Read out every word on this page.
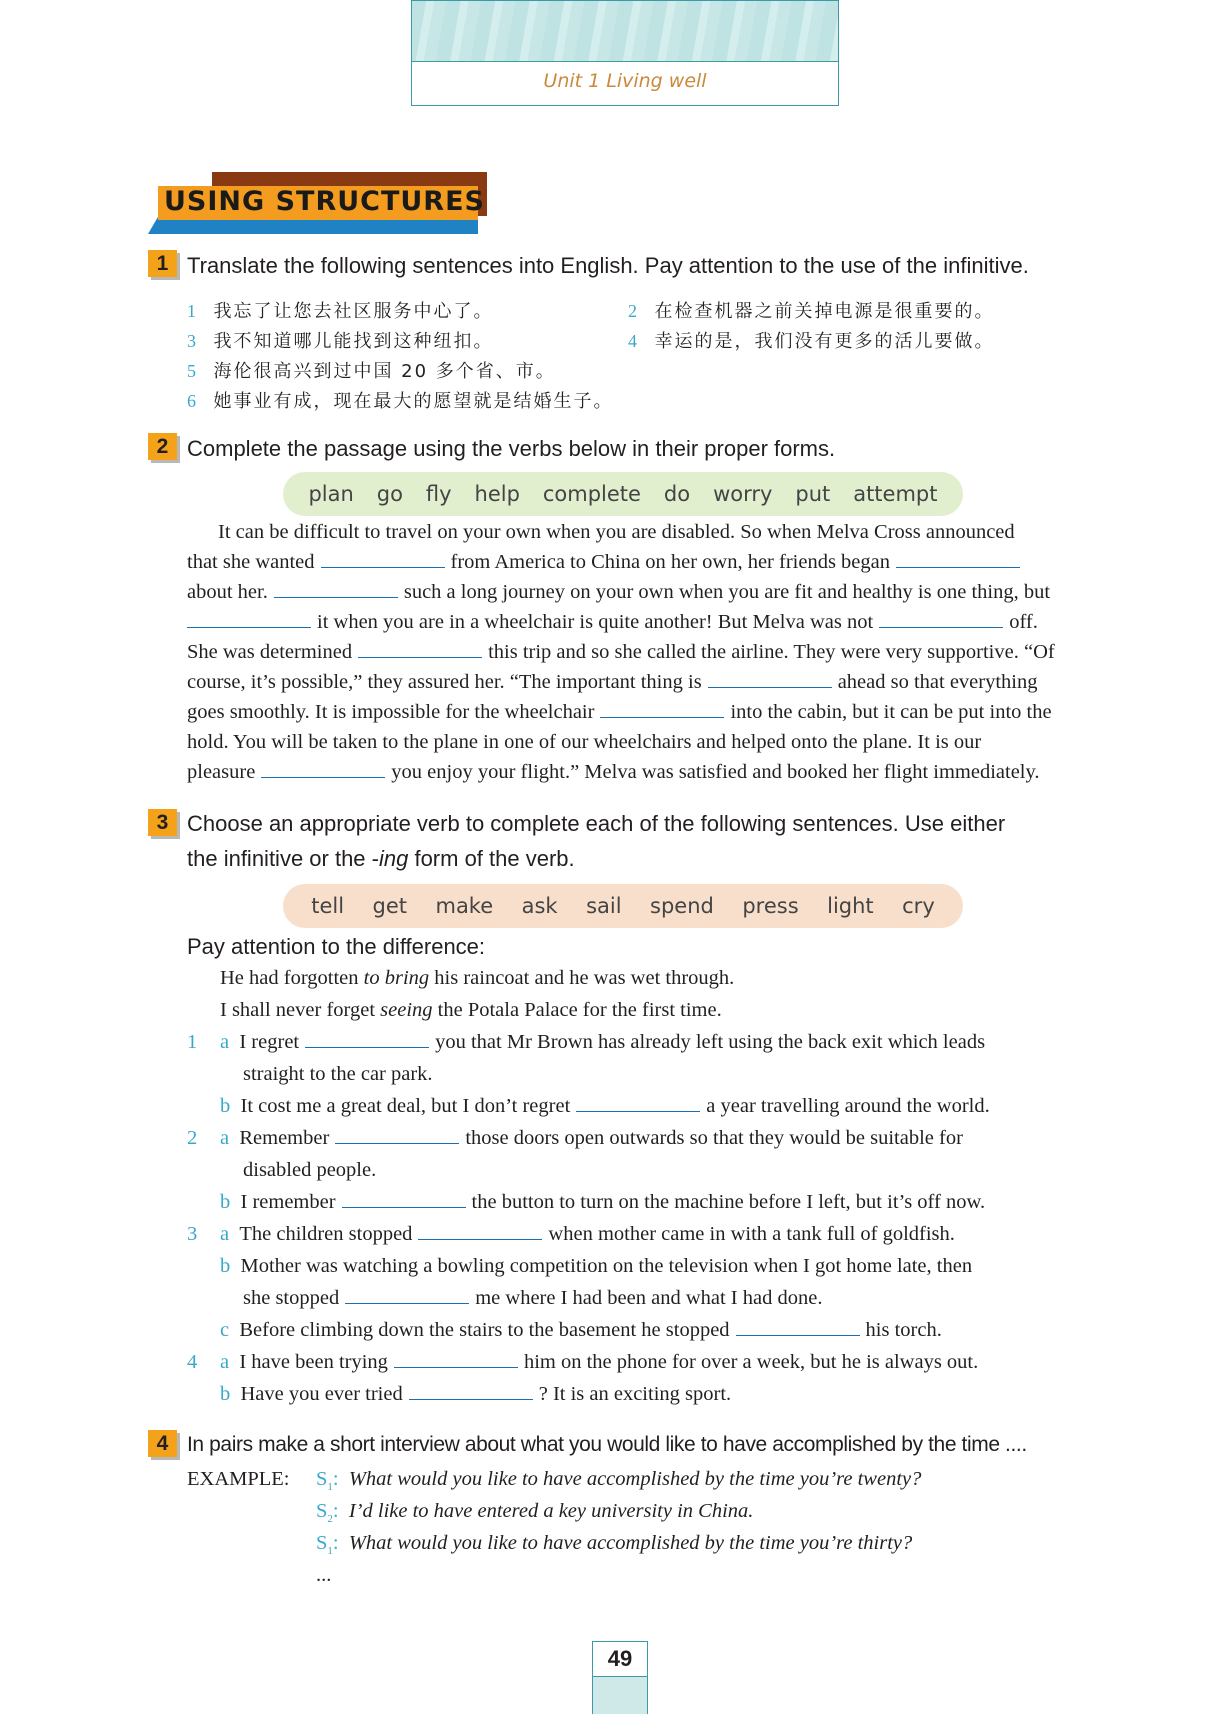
Unit 1 Living well
USING STRUCTURES
1 Translate the following sentences into English. Pay attention to the use of the infinitive.
1 我忘了让您去社区服务中心了。	2 在检查机器之前关掉电源是很重要的。
3 我不知道哪儿能找到这种纽扣。	4 幸运的是，我们没有更多的活儿要做。
5 海伦很高兴到过中国 20 多个省、市。
6 她事业有成，现在最大的愿望就是结婚生子。
2 Complete the passage using the verbs below in their proper forms.
plan go fly help complete do worry put attempt
It can be difficult to travel on your own when you are disabled. So when Melva Cross announced
that she wanted	from America to China on her own, her friends began
about her.	such a long journey on your own when you are fit and healthy is one thing, but
it when you are in a wheelchair is quite another! But Melva was not	off.
She was determined	this trip and so she called the airline. They were very supportive. “Of
course, it’s possible,” they assured her. “The important thing is	ahead so that everything
goes smoothly. It is impossible for the wheelchair	into the cabin, but it can be put into the
hold. You will be taken to the plane in one of our wheelchairs and helped onto the plane. It is our
pleasure	you enjoy your flight.” Melva was satisfied and booked her flight immediately.
3 Choose an appropriate verb to complete each of the following sentences. Use either
the infinitive or the -ing form of the verb.
tell get make ask sail spend press light cry
Pay attention to the difference:
He had forgotten to bring his raincoat and he was wet through.
I shall never forget seeing the Potala Palace for the first time.
1 a I regret	you that Mr Brown has already left using the back exit which leads
straight to the car park.
b It cost me a great deal, but I don’t regret	a year travelling around the world.
2 a Remember	those doors open outwards so that they would be suitable for
disabled people.
b I remember	the button to turn on the machine before I left, but it’s off now.
3 a The children stopped	when mother came in with a tank full of goldfish.
b Mother was watching a bowling competition on the television when I got home late, then
she stopped	me where I had been and what I had done.
c Before climbing down the stairs to the basement he stopped	his torch.
4 a I have been trying	him on the phone for over a week, but he is always out.
b Have you ever tried	? It is an exciting sport.
4 In pairs make a short interview about what you would like to have accomplished by the time ....
EXAMPLE: $S_1$: What would you like to have accomplished by the time you’re twenty?
$S_2$: I’d like to have entered a key university in China.
$S_1$: What would you like to have accomplished by the time you’re thirty?
...
49
